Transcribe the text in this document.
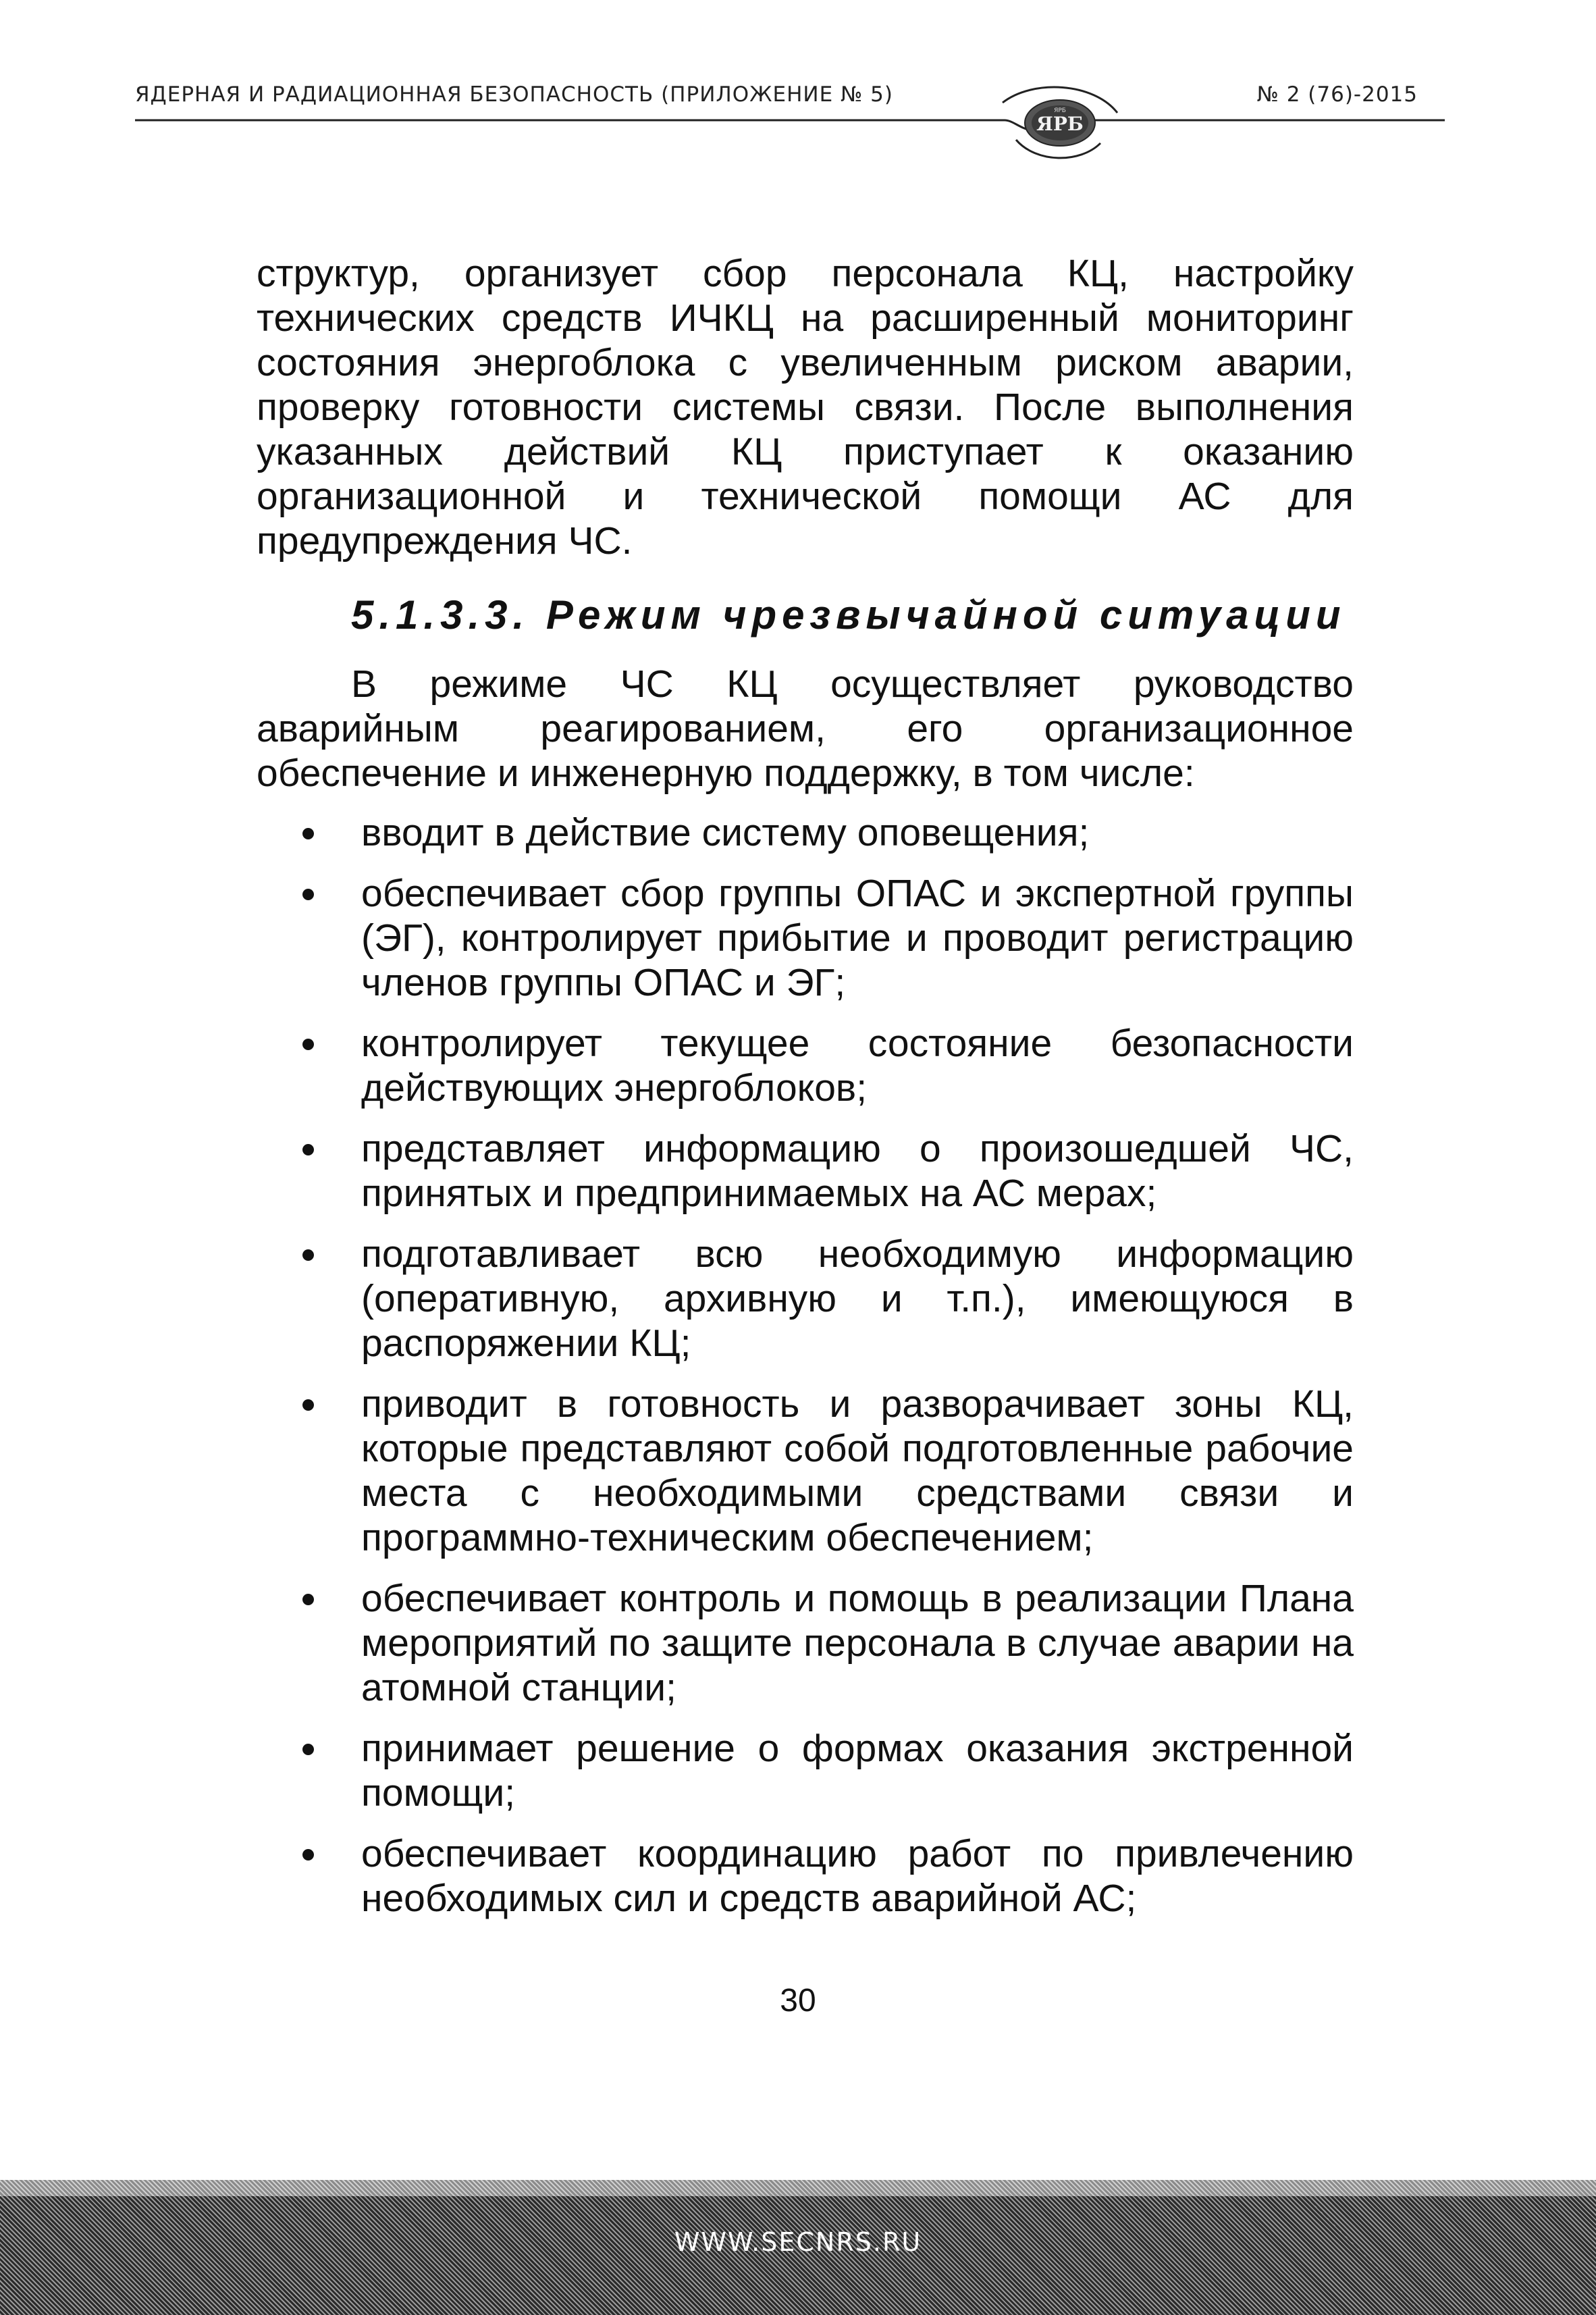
ЯДЕРНАЯ И РАДИАЦИОННАЯ БЕЗОПАСНОСТЬ (ПРИЛОЖЕНИЕ № 5)	№ 2 (76)-2015
ЯРБ
ЯРБ

структур, организует сбор персонала КЦ, настройку технических средств ИЧКЦ на расширенный мониторинг состояния энергоблока с увеличенным риском аварии, проверку готовности системы связи. После выполнения указанных действий КЦ приступает к оказанию организационной и технической помощи АС для предупреждения ЧС.

5.1.3.3. Режим чрезвычайной ситуации

В режиме ЧС КЦ осуществляет руководство аварийным реагированием, его организационное обеспечение и инженерную поддержку, в том числе:

вводит в действие систему оповещения;
обеспечивает сбор группы ОПАС и экспертной группы (ЭГ), контролирует прибытие и проводит регистрацию членов группы ОПАС и ЭГ;
контролирует текущее состояние безопасности действующих энергоблоков;
представляет информацию о произошедшей ЧС, принятых и предпринимаемых на АС мерах;
подготавливает всю необходимую информацию (оперативную, архивную и т.п.), имеющуюся в распоряжении КЦ;
приводит в готовность и разворачивает зоны КЦ, которые представляют собой подготовленные рабочие места с необходимыми средствами связи и программно-техническим обеспечением;
обеспечивает контроль и помощь в реализации Плана мероприятий по защите персонала в случае аварии на атомной станции;
принимает решение о формах оказания экстренной помощи;
обеспечивает координацию работ по привлечению необходимых сил и средств аварийной АС;
30
WWW.SECNRS.RU
